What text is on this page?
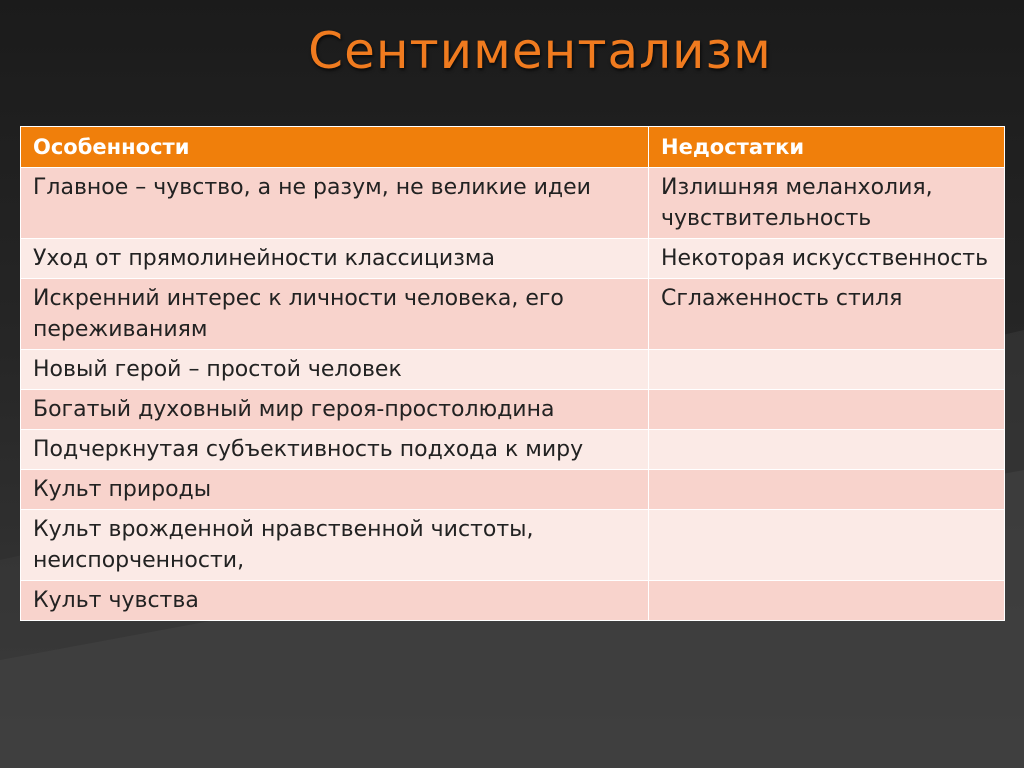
Сентиментализм
Особенности	Недостатки
Главное – чувство, а не разум, не великие идеи	Излишняя меланхолия, чувствительность
Уход от прямолинейности классицизма	Некоторая искусственность
Искренний интерес к личности человека, его переживаниям	Сглаженность стиля
Новый герой – простой человек	
Богатый духовный мир героя-простолюдина	
Подчеркнутая субъективность подхода к миру	
Культ природы	
Культ врожденной нравственной чистоты, неиспорченности,	
Культ чувства	
